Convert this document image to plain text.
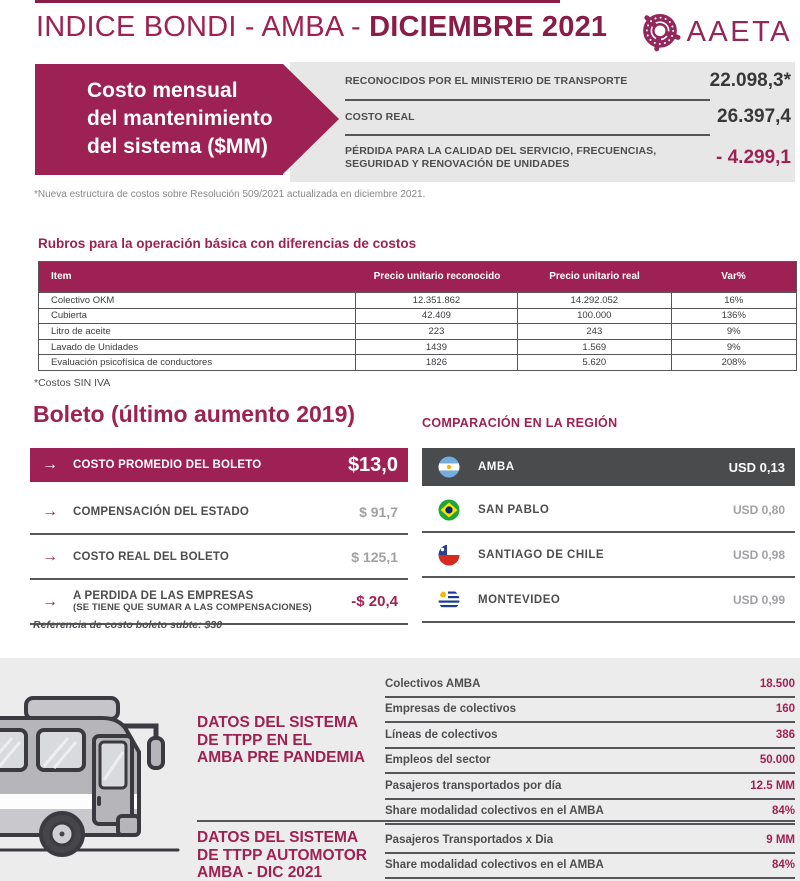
INDICE BONDI - AMBA - DICIEMBRE 2021	AAETA
Costo mensual
del mantenimiento
del sistema ($MM)
RECONOCIDOS POR EL MINISTERIO DE TRANSPORTE	22.098,3*
COSTO REAL	26.397,4
PÉRDIDA PARA LA CALIDAD DEL SERVICIO, FRECUENCIAS, SEGURIDAD Y RENOVACIÓN DE UNIDADES	- 4.299,1
*Nueva estructura de costos sobre Resolución 509/2021 actualizada en diciembre 2021.
Rubros para la operación básica con diferencias de costos
Item	Precio unitario reconocido	Precio unitario real	Var%
Colectivo OKM	12.351.862	14.292.052	16%
Cubierta	42.409	100.000	136%
Litro de aceite	223	243	9%
Lavado de Unidades	1439	1.569	9%
Evaluación psicofísica de conductores	1826	5.620	208%
*Costos SIN IVA
Boleto (último aumento 2019)
→ COSTO PROMEDIO DEL BOLETO	$13,0
→ COMPENSACIÓN DEL ESTADO	$ 91,7
→ COSTO REAL DEL BOLETO	$ 125,1
→ A PERDIDA DE LAS EMPRESAS
(SE TIENE QUE SUMAR A LAS COMPENSACIONES)	-$ 20,4
Referencia de costo boleto subte: $30
COMPARACIÓN EN LA REGIÓN
AMBA	USD 0,13
SAN PABLO	USD 0,80
SANTIAGO DE CHILE	USD 0,98
MONTEVIDEO	USD 0,99
DATOS DEL SISTEMA
DE TTPP EN EL
AMBA PRE PANDEMIA
Colectivos AMBA	18.500
Empresas de colectivos	160
Líneas de colectivos	386
Empleos del sector	50.000
Pasajeros transportados por día	12.5 MM
Share modalidad colectivos en el AMBA	84%
DATOS DEL SISTEMA
DE TTPP AUTOMOTOR
AMBA - DIC 2021
Pasajeros Transportados x Dia	9 MM
Share modalidad colectivos en el AMBA	84%
